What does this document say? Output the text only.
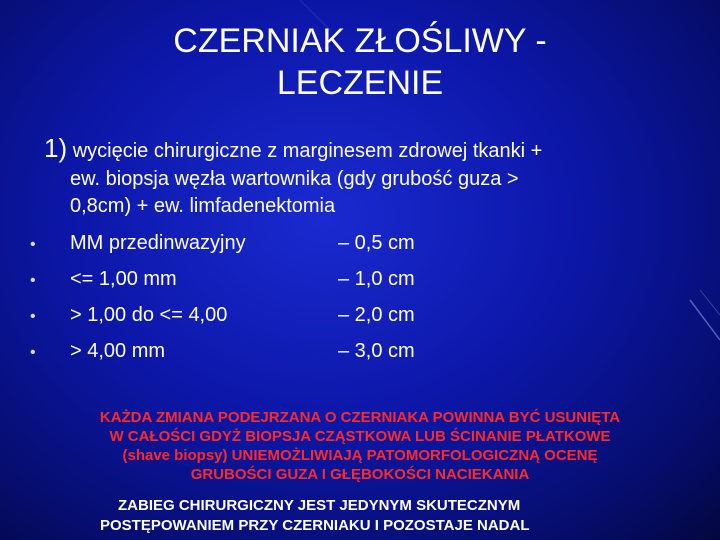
CZERNIAK ZŁOŚLIWY -
LECZENIE
1) wycięcie chirurgiczne z marginesem zdrowej tkanki +
ew. biopsja węzła wartownika (gdy grubość guza >
0,8cm) + ew. limfadenektomia
• MM przedinwazyjny	– 0,5 cm
• <= 1,00 mm	– 1,0 cm
• > 1,00 do <= 4,00	– 2,0 cm
• > 4,00 mm	– 3,0 cm
KAŻDA ZMIANA PODEJRZANA O CZERNIAKA POWINNA BYĆ USUNIĘTA
W CAŁOŚCI GDYŻ BIOPSJA CZĄSTKOWA LUB ŚCINANIE PŁATKOWE
(shave biopsy) UNIEMOŻLIWIAJĄ PATOMORFOLOGICZNĄ OCENĘ
GRUBOŚCI GUZA I GŁĘBOKOŚCI NACIEKANIA
ZABIEG CHIRURGICZNY JEST JEDYNYM SKUTECZNYM
POSTĘPOWANIEM PRZY CZERNIAKU I POZOSTAJE NADAL
